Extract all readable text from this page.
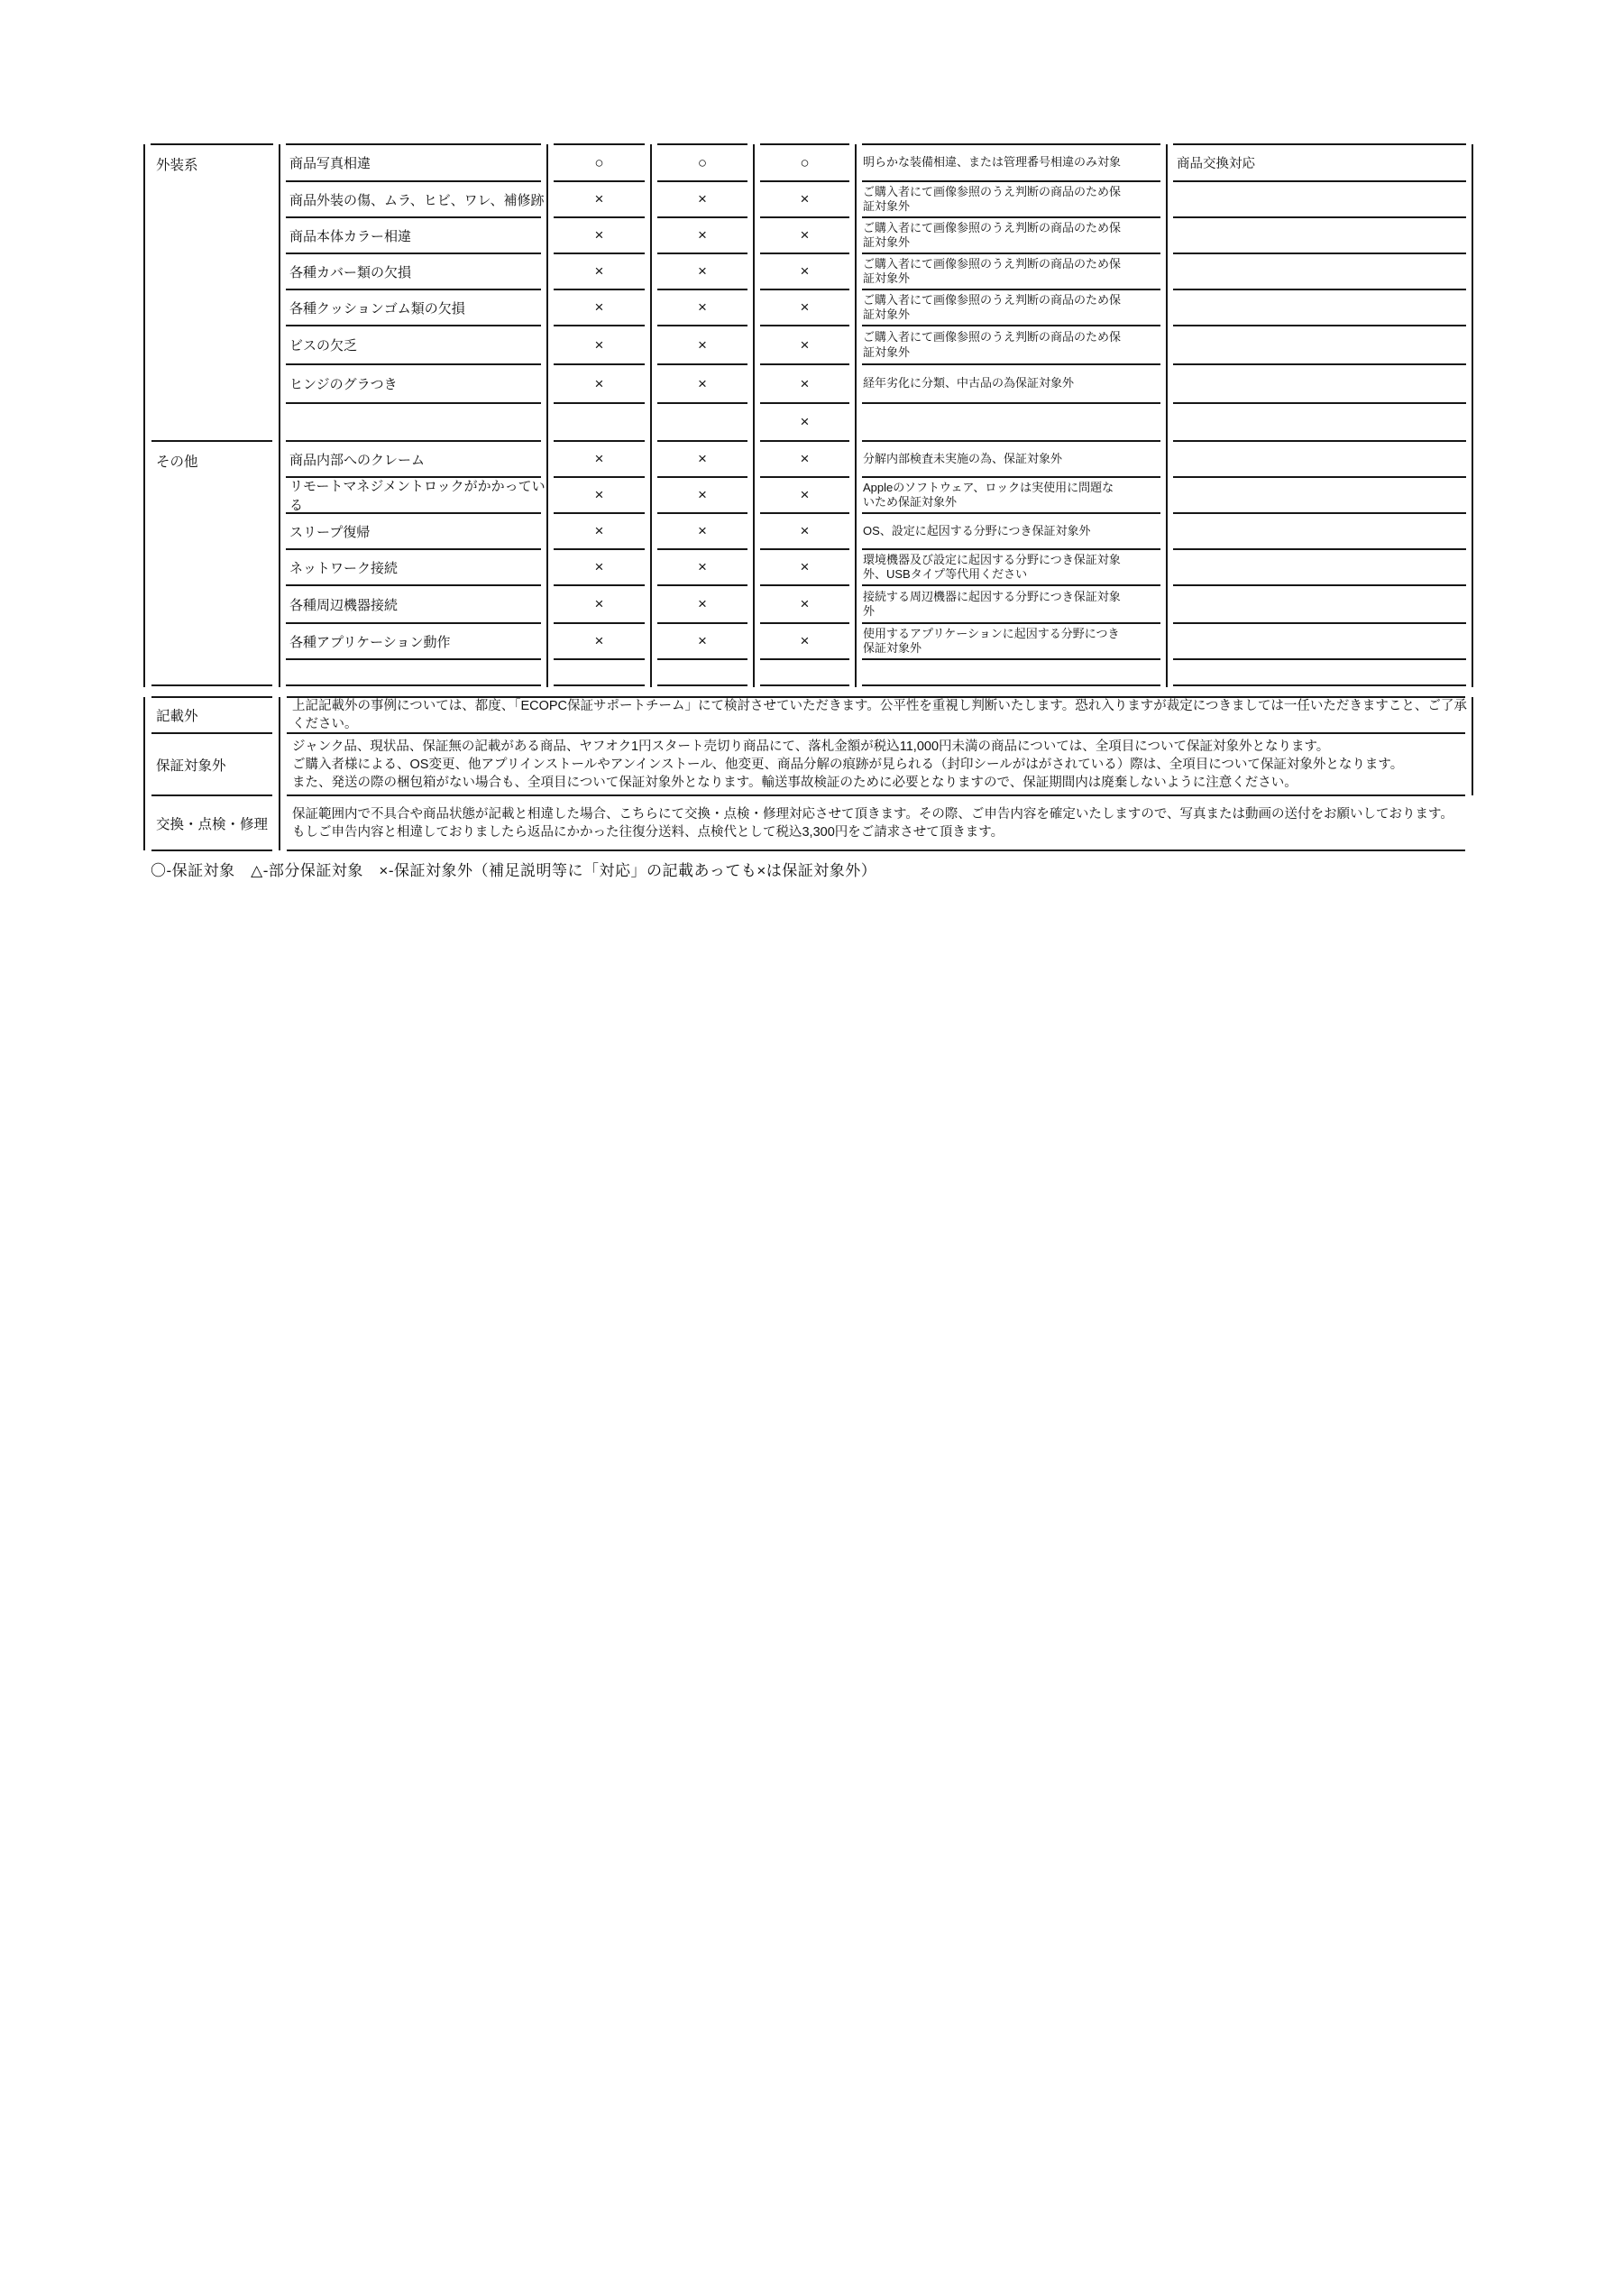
外装系
その他
商品写真相違
商品外装の傷、ムラ、ヒビ、ワレ、補修跡
商品本体カラー相違
各種カバー類の欠損
各種クッションゴム類の欠損
ビスの欠乏
ヒンジのグラつき
商品内部へのクレーム
リモートマネジメントロックがかかっている
スリープ復帰
ネットワーク接続
各種周辺機器接続
各種アプリケーション動作
○
×
×
×
×
×
×
×
×
×
×
×
×
○
×
×
×
×
×
×
×
×
×
×
×
×
○
×
×
×
×
×
×
×
×
×
×
×
×
×
明らかな装備相違、または管理番号相違のみ対象
ご購入者にて画像参照のうえ判断の商品のため保証対象外
ご購入者にて画像参照のうえ判断の商品のため保証対象外
ご購入者にて画像参照のうえ判断の商品のため保証対象外
ご購入者にて画像参照のうえ判断の商品のため保証対象外
ご購入者にて画像参照のうえ判断の商品のため保証対象外
経年劣化に分類、中古品の為保証対象外
分解内部検査未実施の為、保証対象外
Appleのソフトウェア、ロックは実使用に問題ないため保証対象外
OS、設定に起因する分野につき保証対象外
環境機器及び設定に起因する分野につき保証対象外、USBタイプ等代用ください
接続する周辺機器に起因する分野につき保証対象外
使用するアプリケーションに起因する分野につき保証対象外
商品交換対応
記載外
上記記載外の事例については、都度、「ECOPC保証サポートチーム」にて検討させていただきます。公平性を重視し判断いたします。恐れ入りますが裁定につきましては一任いただきますこと、ご了承ください。
保証対象外
ジャンク品、現状品、保証無の記載がある商品、ヤフオク1円スタート売切り商品にて、落札金額が税込11,000円未満の商品については、全項目について保証対象外となります。
ご購入者様による、OS変更、他アプリインストールやアンインストール、他変更、商品分解の痕跡が見られる（封印シールがはがされている）際は、全項目について保証対象外となります。
また、発送の際の梱包箱がない場合も、全項目について保証対象外となります。輸送事故検証のために必要となりますので、保証期間内は廃棄しないように注意ください。
交換・点検・修理
保証範囲内で不具合や商品状態が記載と相違した場合、こちらにて交換・点検・修理対応させて頂きます。その際、ご申告内容を確定いたしますので、写真または動画の送付をお願いしております。
もしご申告内容と相違しておりましたら返品にかかった往復分送料、点検代として税込3,300円をご請求させて頂きます。
〇-保証対象　△-部分保証対象　×-保証対象外（補足説明等に「対応」の記載あっても×は保証対象外）
